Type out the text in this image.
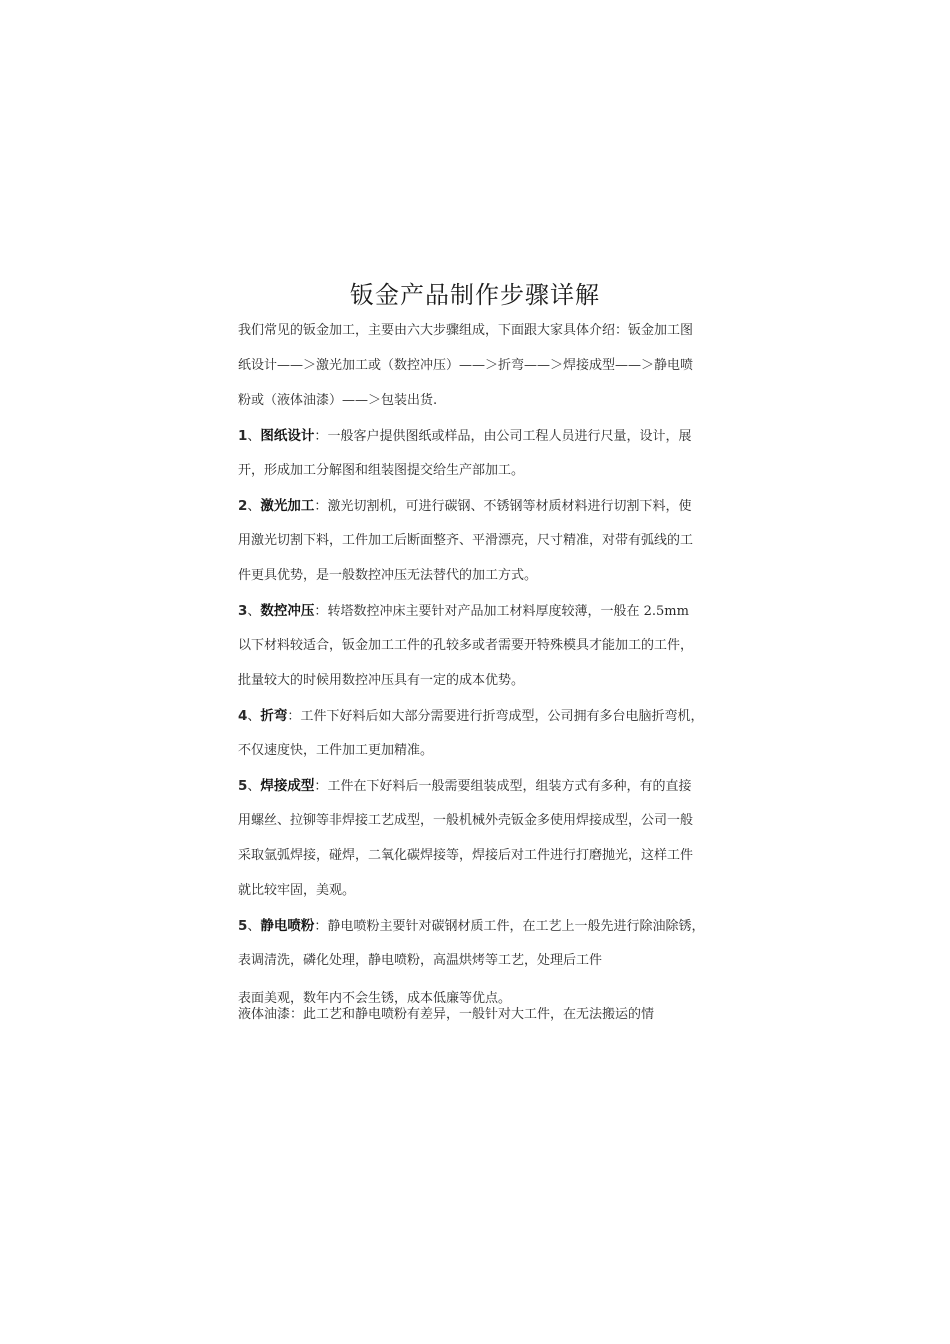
钣金产品制作步骤详解
我们常见的钣金加工，主要由六大步骤组成，下面跟大家具体介绍：钣金加工图
纸设计——＞激光加工或（数控冲压）——＞折弯——＞焊接成型——＞静电喷
粉或（液体油漆）——＞包装出货.
1、图纸设计：一般客户提供图纸或样品，由公司工程人员进行尺量，设计，展
开，形成加工分解图和组装图提交给生产部加工。
2、激光加工：激光切割机，可进行碳钢、不锈钢等材质材料进行切割下料，使
用激光切割下料，工件加工后断面整齐、平滑漂亮，尺寸精准，对带有弧线的工
件更具优势，是一般数控冲压无法替代的加工方式。
3、数控冲压：转塔数控冲床主要针对产品加工材料厚度较薄，一般在 2.5mm
以下材料较适合，钣金加工工件的孔较多或者需要开特殊模具才能加工的工件，
批量较大的时候用数控冲压具有一定的成本优势。
4、折弯：工件下好料后如大部分需要进行折弯成型，公司拥有多台电脑折弯机，
不仅速度快，工件加工更加精准。
5、焊接成型：工件在下好料后一般需要组装成型，组装方式有多种，有的直接
用螺丝、拉铆等非焊接工艺成型，一般机械外壳钣金多使用焊接成型，公司一般
采取氩弧焊接，碰焊，二氧化碳焊接等，焊接后对工件进行打磨抛光，这样工件
就比较牢固，美观。
5、静电喷粉：静电喷粉主要针对碳钢材质工件，在工艺上一般先进行除油除锈，
表调清洗，磷化处理，静电喷粉，高温烘烤等工艺，处理后工件
表面美观，数年内不会生锈，成本低廉等优点。
液体油漆：此工艺和静电喷粉有差异，一般针对大工件，在无法搬运的情
